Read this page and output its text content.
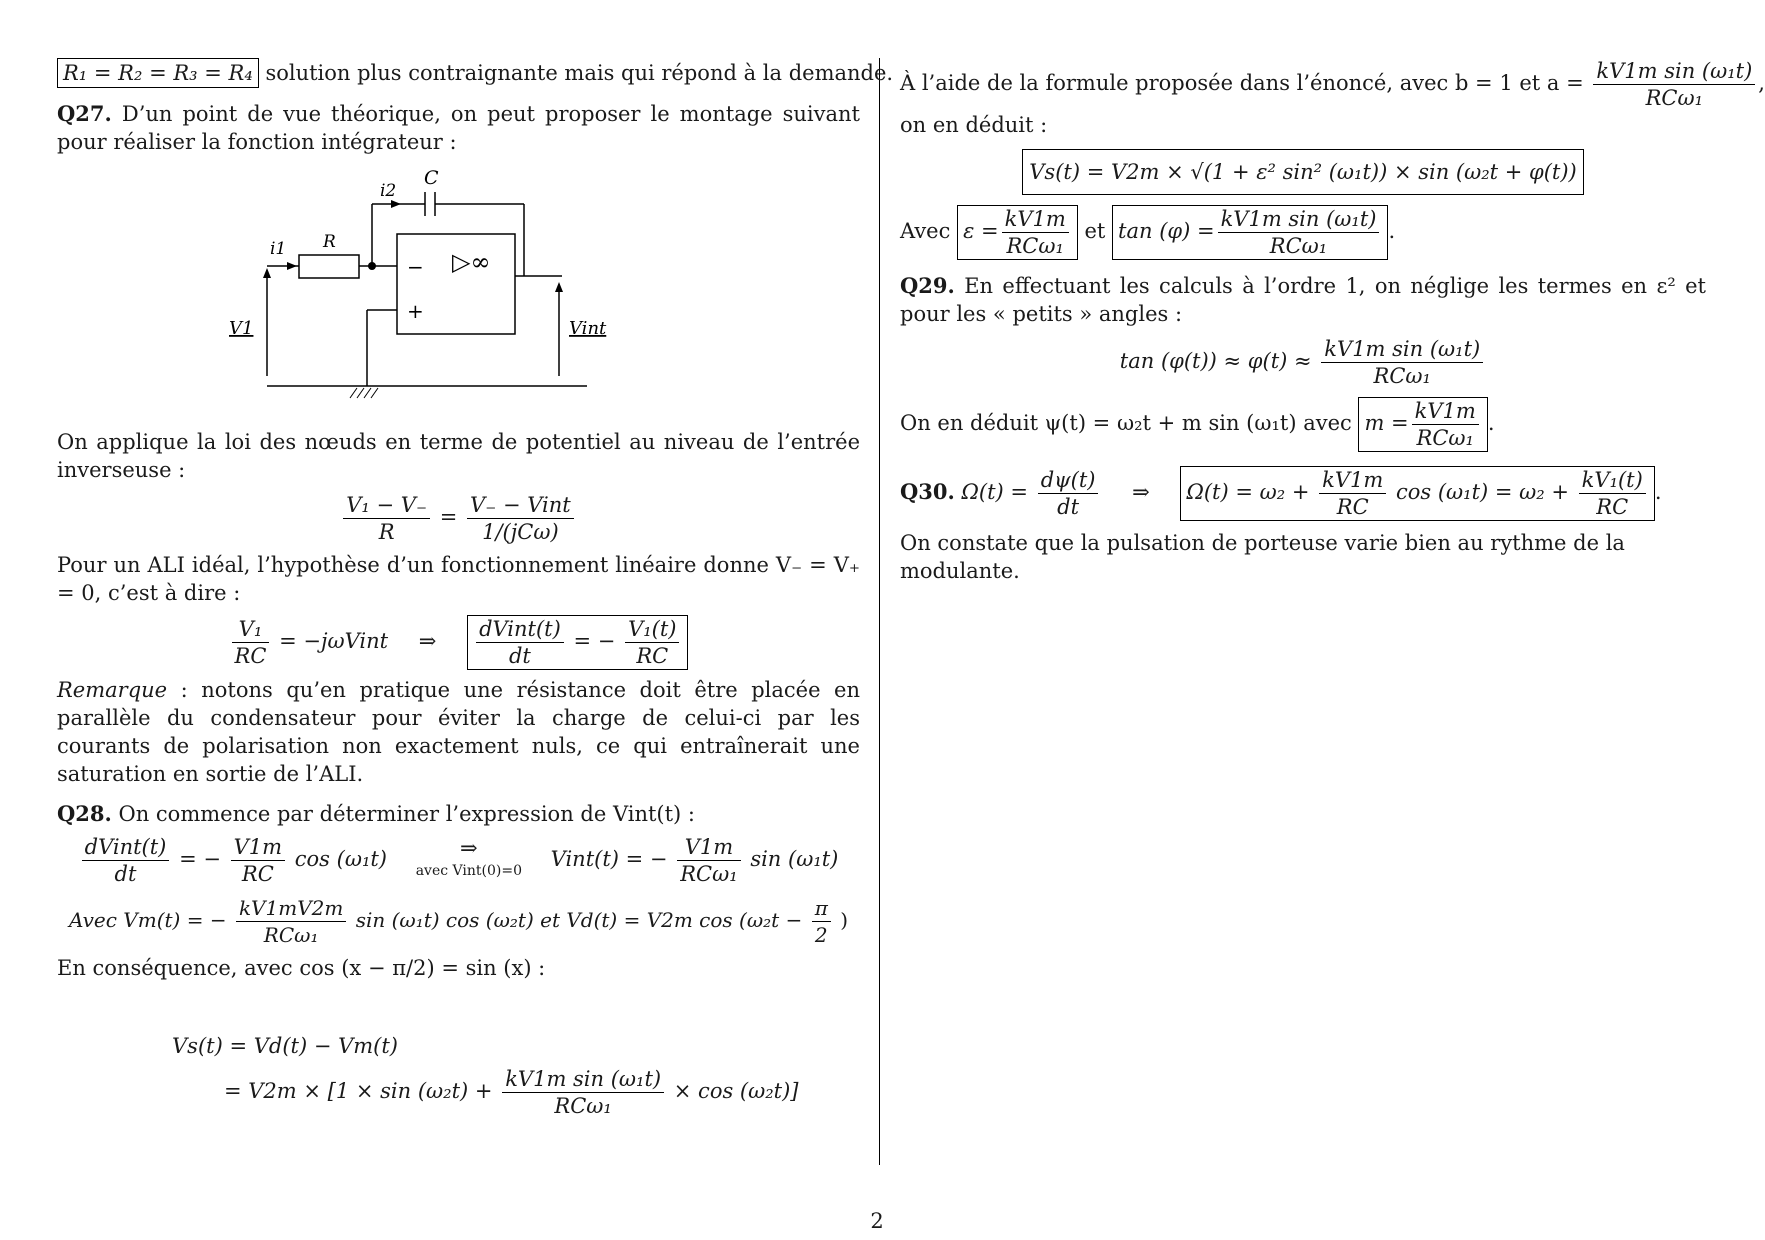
R₁ = R₂ = R₃ = R₄ solution plus contraignante mais qui répond à la demande.

Q27. D’un point de vue théorique, on peut proposer le montage suivant pour réaliser la fonction intégrateur :

C
i2
i1 R
−
+
▷∞
V1	Vint

On applique la loi des nœuds en terme de potentiel au niveau de l’entrée inverseuse :

$\frac{\text{V₁ − V₋}}{R} = \frac{\text{V₋ − Vint}}{\text{1/(jCω)}}$

Pour un ALI idéal, l’hypothèse d’un fonctionnement linéaire donne V₋ = V₊ = 0, c’est à dire :

$\frac{\text{V₁}}{RC}$ = −jωVint ⇒ $\frac{\text{dVint(t)}}{dt}$ = − $\frac{\text{V₁(t)}}{RC}$

Remarque : notons qu’en pratique une résistance doit être placée en parallèle du condensateur pour éviter la charge de celui-ci par les courants de polarisation non exactement nuls, ce qui entraînerait une saturation en sortie de l’ALI.

Q28. On commence par déterminer l’expression de Vint(t) :

$\frac{\text{dVint(t)}}{dt}$ = − $\frac{V1m}{RC}$ cos (ω₁t)	⇒
avec Vint(0)=0 Vint(t) = − $\frac{V1m}{\text{RCω₁}}$ sin (ω₁t)
Avec Vm(t) = − $\frac{kV1mV2m}{\text{RCω₁}}$ sin (ω₁t) cos (ω₂t) et Vd(t) = V2m $\cos (\omega_2t - \frac{\pi}{2}$ )

En conséquence, avec cos (x − π/2) = sin (x) :

Vs(t) = Vd(t) − Vm(t)
= $V2m \times [1 \times \sin (\omega_2t) + \frac{\text{kV1m sin (ω₁t)}}{\text{RCω₁}} \times \cos (\omega_2t)]$

À l’aide de la formule proposée dans l’énoncé, avec b = 1 et $a = \frac{\text{kV1m sin (ω₁t)}}{\text{RCω₁}}$ ,

on en déduit :

Vs(t) = V2m × √(1 + ε² sin² (ω₁t)) × sin (ω₂t + φ(t))
Avec $\varepsilon = \frac{kV1m}{\text{RCω₁}}$ et $\tan (\varphi) = \frac{\text{kV1m sin (ω₁t)}}{\text{RCω₁}}$ .

Q29. En effectuant les calculs à l’ordre 1, on néglige les termes en ε² et pour les « petits » angles :

$\tan (\varphi(t)) \approx \varphi(t) \approx \frac{\text{kV1m sin (ω₁t)}}{\text{RCω₁}}$
On en déduit ψ(t) = ω₂t + m sin (ω₁t) avec $m = \frac{kV1m}{\text{RCω₁}}$ .
Q30. $\Omega(t) = \frac{d\psi(t)}{dt}$ ⇒ $\Omega(t) = \omega_2 + \frac{kV1m}{RC}$ $\cos (\omega_1t) = \omega_2 + \frac{\text{kV₁(t)}}{RC}$ .

On constate que la pulsation de porteuse varie bien au rythme de la modulante.

2
